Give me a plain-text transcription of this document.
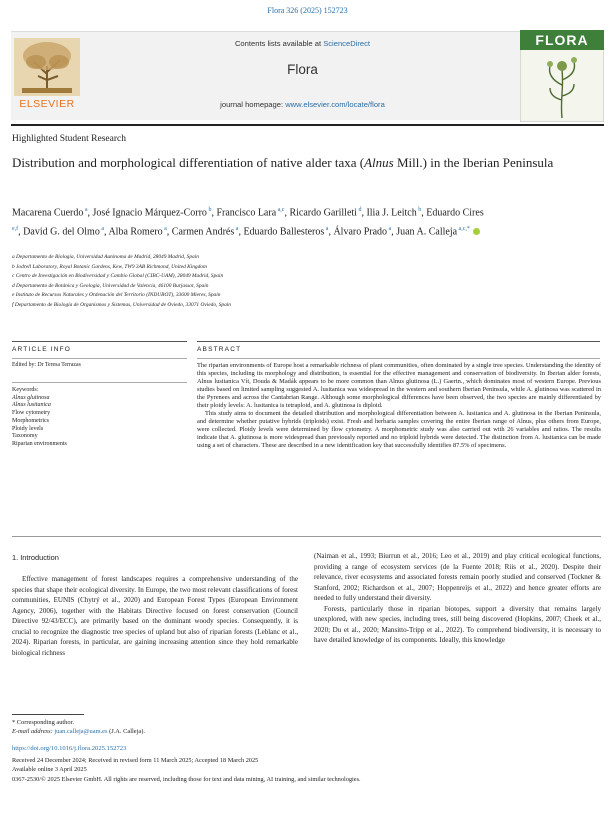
Flora 326 (2025) 152723
ELSEVIER
FLORA
Contents lists available at ScienceDirect
Flora
journal homepage: www.elsevier.com/locate/flora
Highlighted Student Research
Distribution and morphological differentiation of native alder taxa (Alnus Mill.) in the Iberian Peninsula
Macarena Cuerdo $^a$, José Ignacio Márquez-Corro $^b$, Francisco Lara $^{a,c}$, Ricardo Garilleti $^d$, Ilia J. Leitch $^b$, Eduardo Cires $^{e,f}$, David G. del Olmo $^a$, Alba Romero $^a$, Carmen Andrés $^a$, Eduardo Ballesteros $^a$, Álvaro Prado $^a$, Juan A. Calleja $^{a,c,*}$
a Departamento de Biología, Universidad Autónoma de Madrid, 28049 Madrid, Spain
b Jodrell Laboratory, Royal Botanic Gardens, Kew, TW9 3AB Richmond, United Kingdom
c Centro de Investigación en Biodiversidad y Cambio Global (CIBC-UAM), 28049 Madrid, Spain
d Departamento de Botánica y Geología, Universidad de Valencia, 46100 Burjassot, Spain
e Instituto de Recursos Naturales y Ordenación del Territorio (INDUROT), 33600 Mieres, Spain
f Departamento de Biología de Organismos y Sistemas, Universidad de Oviedo, 33071 Oviedo, Spain
ARTICLE INFO
Edited by: Dr Teresa Terrazas
Keywords:
Alnus glutinosa
Alnus lusitanica
Flow cytometry
Morphometrics
Ploidy levels
Taxonomy
Riparian environments
ABSTRACT

The riparian environments of Europe host a remarkable richness of plant communities, often dominated by a single tree species. Understanding the identity of this species, including its morphology and distribution, is essential for the effective management and conservation of biodiversity. In Iberian alder forests, Alnus lusitanica Vít, Douda & Madák appears to be more common than Alnus glutinosa (L.) Gaertn., which dominates most of western Europe. Previous studies based on limited sampling suggested A. lusitanica was widespread in the western and southern Iberian Peninsula, while A. glutinosa was scattered in the Pyrenees and across the Cantabrian Range. Although some morphological differences have been observed, the two species are mainly differentiated by their ploidy levels: A. lusitanica is tetraploid, and A. glutinosa is diploid.

This study aims to document the detailed distribution and morphological differentiation between A. lusitanica and A. glutinosa in the Iberian Peninsula, and determine whether putative hybrids (triploids) exist. Fresh and herbaria samples covering the entire Iberian range of Alnus, plus others from Europe, were collected. Ploidy levels were determined by flow cytometry. A morphometric study was also carried out with 26 variables and ratios. The results indicate that A. glutinosa is more widespread than previously reported and no triploid hybrids were detected. The distinction from A. lusitanica can be made using a set of characters. These are described in a new identification key that successfully identifies 87.5% of specimens.

1. Introduction

Effective management of forest landscapes requires a comprehensive understanding of the species that shape their ecological diversity. In Europe, the two most relevant classifications of forest communities, EUNIS (Chytrý et al., 2020) and European Forest Types (European Environment Agency, 2006), together with the Habitats Directive focused on forest conservation (Council Directive 92/43/ECC), are primarily based on the dominant woody species. Consequently, it is crucial to recognize the diagnostic tree species of upland but also of riparian forests (Leblanc et al., 2024). Riparian forests, in particular, are gaining increasing attention since they hold remarkable biological richness

(Naiman et al., 1993; Biurrun et al., 2016; Leo et al., 2019) and play critical ecological functions, providing a range of ecosystem services (de la Fuente 2018; Riis et al., 2020). Despite their relevance, river ecosystems and associated forests remain poorly studied and conserved (Tockner & Stanford, 2002; Richardson et al., 2007; Hoppenreijs et al., 2022) and hence greater efforts are needed to fully understand their diversity.

Forests, particularly those in riparian biotopes, support a diversity that remains largely unexplored, with new species, including trees, still being discovered (Hopkins, 2007; Cheek et al., 2020; Du et al., 2020; Mansitto-Tripp et al., 2022). To comprehend biodiversity, it is necessary to have detailed knowledge of its components. Ideally, this knowledge

* Corresponding author.
E-mail address: juan.calleja@uam.es (J.A. Calleja).
https://doi.org/10.1016/j.flora.2025.152723
Received 24 December 2024; Received in revised form 11 March 2025; Accepted 18 March 2025
Available online 3 April 2025
0367-2530/© 2025 Elsevier GmbH. All rights are reserved, including those for text and data mining, AI training, and similar technologies.
